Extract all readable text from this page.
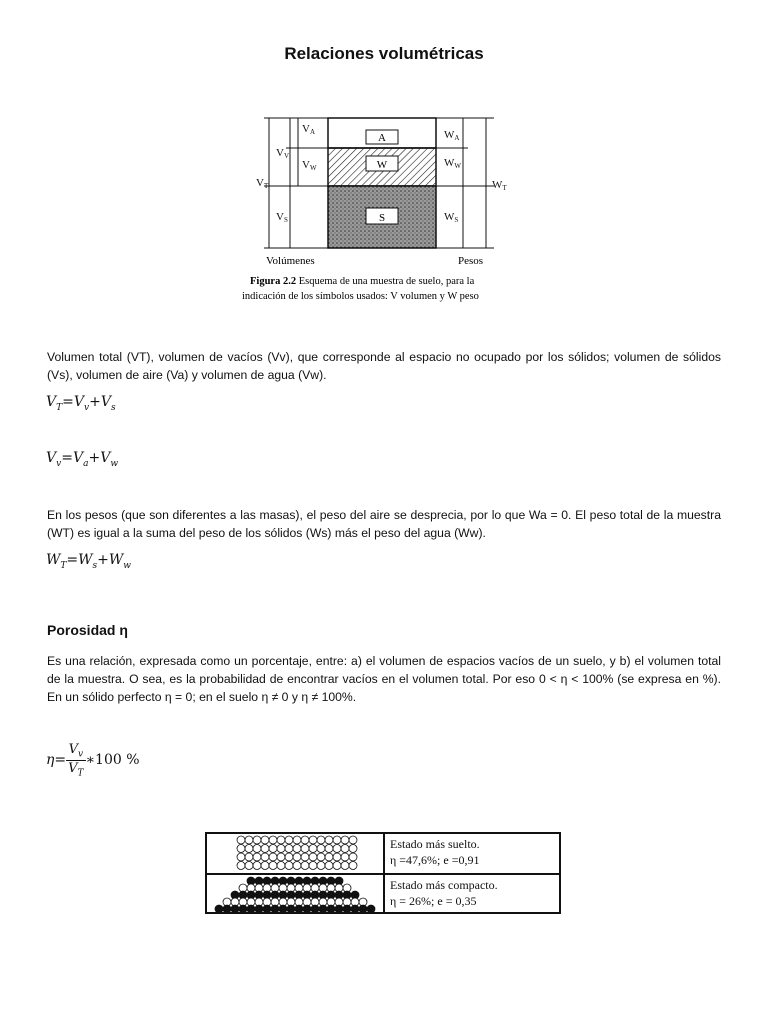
Relaciones volumétricas
A
W
S
VA
VV
VW
VT
VS
WA
WW
WT
WS
Volúmenes	Pesos
Figura 2.2 Esquema de una muestra de suelo, para la
indicación de los símbolos usados: V volumen y W peso

Volumen total (VT), volumen de vacíos (Vv), que corresponde al espacio no ocupado por los sólidos; volumen de sólidos (Vs), volumen de aire (Va) y volumen de agua (Vw).

$V_T=V_v+V_s$
$V_v=V_a+V_w$

En los pesos (que son diferentes a las masas), el peso del aire se desprecia, por lo que Wa = 0. El peso total de la muestra (WT) es igual a la suma del peso de los sólidos (Ws) más el peso del agua (Ww).

$W_T=W_s+W_w$
Porosidad η

Es una relación, expresada como un porcentaje, entre: a) el volumen de espacios vacíos de un suelo, y b) el volumen total de la muestra. O sea, es la probabilidad de encontrar vacíos en el volumen total. Por eso 0 < η < 100% (se expresa en %). En un sólido perfecto η = 0; en el suelo η ≠ 0 y η ≠ 100%.

$\eta= \frac{V_v}{V_T}$ ∗100 %
Estado más suelto.
η =47,6%; e =0,91
Estado más compacto.
η = 26%; e = 0,35
